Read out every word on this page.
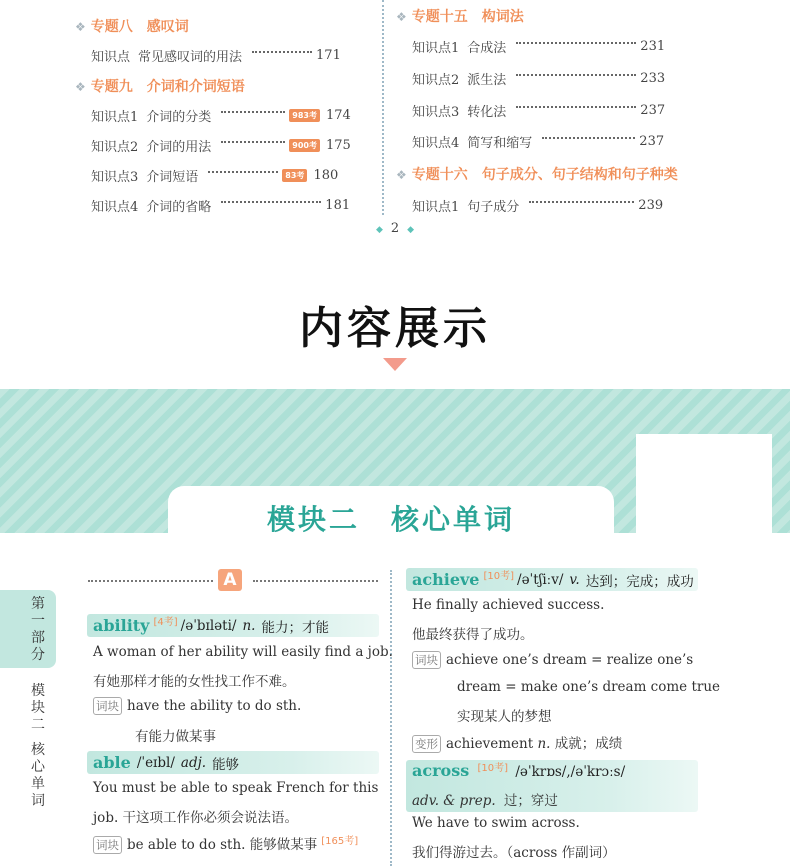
❖ 专题八　感叹词
知识点 常见感叹词的用法	171
❖ 专题九　介词和介词短语
知识点1 介词的分类	983考 174
知识点2 介词的用法	900考 175
知识点3 介词短语	83考 180
知识点4 介词的省略	181
❖ 专题十五　构词法
知识点1 合成法	231
知识点2 派生法	233
知识点3 转化法	237
知识点4 简写和缩写	237
❖ 专题十六　句子成分、句子结构和句子种类
知识点1 句子成分	239
◆ 2 ◆
内容展示
模块二　核心单词
第一部分
模块二
核心单词
A
ability [4考] /əˈbɪləti/ n. 能力；才能
A woman of her ability will easily find a job.
有她那样才能的女性找工作不难。
词块 have the ability to do sth.
有能力做某事
able /ˈeɪbl/ adj. 能够
You must be able to speak French for this
job. 干这项工作你必须会说法语。
词块 be able to do sth. 能够做某事 [165考]
achieve [10考] /əˈtʃiːv/ v. 达到；完成；成功
He finally achieved success.
他最终获得了成功。
词块 achieve one’s dream = realize one’s
dream = make one’s dream come true
实现某人的梦想
变形 achievement n. 成就；成绩
across [10考] /əˈkrɒs/,/əˈkrɔːs/
adv. & prep. 过；穿过
We have to swim across.
我们得游过去。（across 作副词）
